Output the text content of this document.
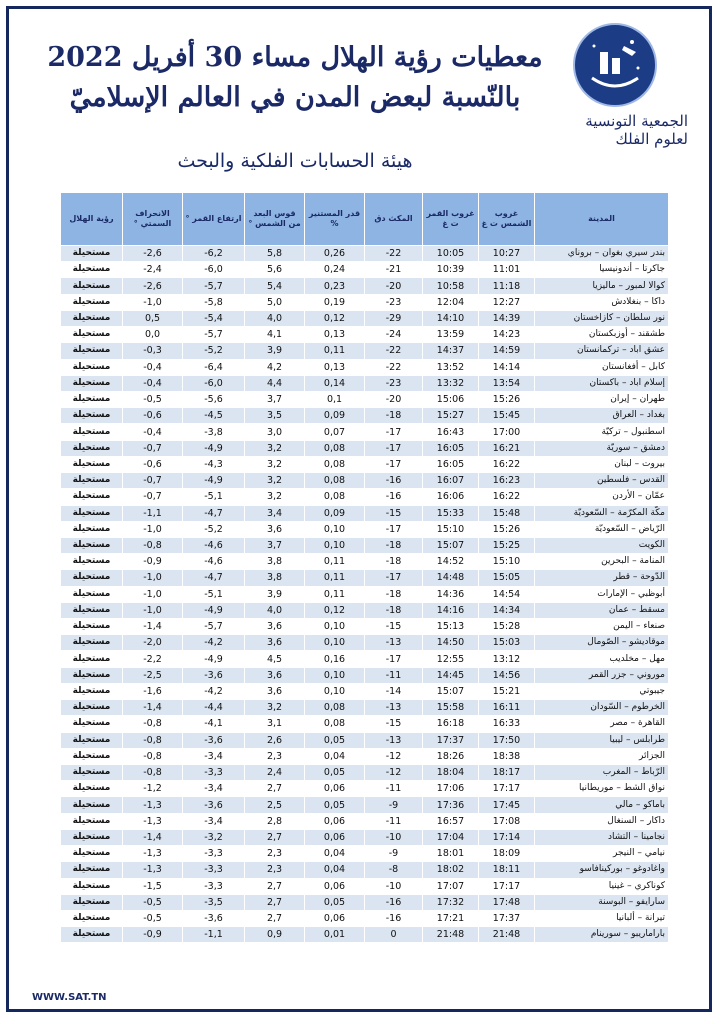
الجمعية التونسية لعلوم الفلك
معطيات رؤية الهلال مساء 30 أفريل 2022 بالنّسبة لبعض المدن في العالم الإسلاميّ
هيئة الحسابات الفلكية والبحث
المدينة	غروب الشمس ت غ	غروب القمر ت غ	المكث دق	قدر المستنير %	قوس البعد من الشمس °	ارتفاع القمر °	الانحراف السمتي °	رؤية الهلال
بندر سيري بغوان – بروناي	10:27	10:05	-22	0,26	5,8	-6,2	-2,6	مستحيلة
جاكرتا – أندونيسيا	11:01	10:39	-21	0,24	5,6	-6,0	-2,4	مستحيلة
كوالا لمبور – ماليزيا	11:18	10:58	-20	0,23	5,4	-5,7	-2,6	مستحيلة
داكا – بنغلادش	12:27	12:04	-23	0,19	5,0	-5,8	-1,0	مستحيلة
نور سلطان – كازاخستان	14:39	14:10	-29	0,12	4,0	-5,4	0,5	مستحيلة
طشقند – أوزبكستان	14:23	13:59	-24	0,13	4,1	-5,7	0,0	مستحيلة
عشق اباد – تركمانستان	14:59	14:37	-22	0,11	3,9	-5,2	-0,3	مستحيلة
كابل – أفغانستان	14:14	13:52	-22	0,13	4,2	-6,4	-0,4	مستحيلة
إسلام اباد – باكستان	13:54	13:32	-23	0,14	4,4	-6,0	-0,4	مستحيلة
طهران – إيران	15:26	15:06	-20	0,1	3,7	-5,6	-0,5	مستحيلة
بغداد – العراق	15:45	15:27	-18	0,09	3,5	-4,5	-0,6	مستحيلة
اسطنبول – تركيّة	17:00	16:43	-17	0,07	3,0	-3,8	-0,4	مستحيلة
دمشق – سوريّة	16:21	16:05	-17	0,08	3,2	-4,9	-0,7	مستحيلة
بيروت – لبنان	16:22	16:05	-17	0,08	3,2	-4,3	-0,6	مستحيلة
القدس – فلسطين	16:23	16:07	-16	0,08	3,2	-4,9	-0,7	مستحيلة
عمّان – الأردن	16:22	16:06	-16	0,08	3,2	-5,1	-0,7	مستحيلة
مكّة المكرّمة – السّعوديّة	15:48	15:33	-15	0,09	3,4	-4,7	-1,1	مستحيلة
الرّياض – السّعوديّة	15:26	15:10	-17	0,10	3,6	-5,2	-1,0	مستحيلة
الكويت	15:25	15:07	-18	0,10	3,7	-4,6	-0,8	مستحيلة
المنامة – البحرين	15:10	14:52	-18	0,11	3,8	-4,6	-0,9	مستحيلة
الدّوحة – قطر	15:05	14:48	-17	0,11	3,8	-4,7	-1,0	مستحيلة
أبوظبي – الإمارات	14:54	14:36	-18	0,11	3,9	-5,1	-1,0	مستحيلة
مسقط – عمان	14:34	14:16	-18	0,12	4,0	-4,9	-1,0	مستحيلة
صنعاء – اليمن	15:28	15:13	-15	0,10	3,6	-5,7	-1,4	مستحيلة
موقاديشو – الصّومال	15:03	14:50	-13	0,10	3,6	-4,2	-2,0	مستحيلة
مهل – مخلديب	13:12	12:55	-17	0,16	4,5	-4,9	-2,2	مستحيلة
موروني – جزر القمر	14:56	14:45	-11	0,10	3,6	-3,6	-2,5	مستحيلة
جيبوتي	15:21	15:07	-14	0,10	3,6	-4,2	-1,6	مستحيلة
الخرطوم – السّودان	16:11	15:58	-13	0,08	3,2	-4,4	-1,4	مستحيلة
القاهرة – مصر	16:33	16:18	-15	0,08	3,1	-4,1	-0,8	مستحيلة
طرابلس – ليبيا	17:50	17:37	-13	0,05	2,6	-3,6	-0,8	مستحيلة
الجزائر	18:38	18:26	-12	0,04	2,3	-3,4	-0,8	مستحيلة
الرّباط – المغرب	18:17	18:04	-12	0,05	2,4	-3,3	-0,8	مستحيلة
نواق الشط – موريطانيا	17:17	17:06	-11	0,06	2,7	-3,4	-1,2	مستحيلة
باماكو – مالي	17:45	17:36	-9	0,05	2,5	-3,6	-1,3	مستحيلة
داكار – السنغال	17:08	16:57	-11	0,06	2,8	-3,4	-1,3	مستحيلة
نجامينا – التشاد	17:14	17:04	-10	0,06	2,7	-3,2	-1,4	مستحيلة
نيامي – النيجر	18:09	18:01	-9	0,04	2,3	-3,3	-1,3	مستحيلة
واغادوغو – بوركينافاسو	18:11	18:02	-8	0,04	2,3	-3,3	-1,3	مستحيلة
كوناكري – غينيا	17:17	17:07	-10	0,06	2,7	-3,3	-1,5	مستحيلة
سارايفو – البوسنة	17:48	17:32	-16	0,05	2,7	-3,5	-0,5	مستحيلة
تيرانة – ألبانيا	17:37	17:21	-16	0,06	2,7	-3,6	-0,5	مستحيلة
باراماريبو – سورينام	21:48	21:48	0	0,01	0,9	-1,1	-0,9	مستحيلة
WWW.SAT.TN
